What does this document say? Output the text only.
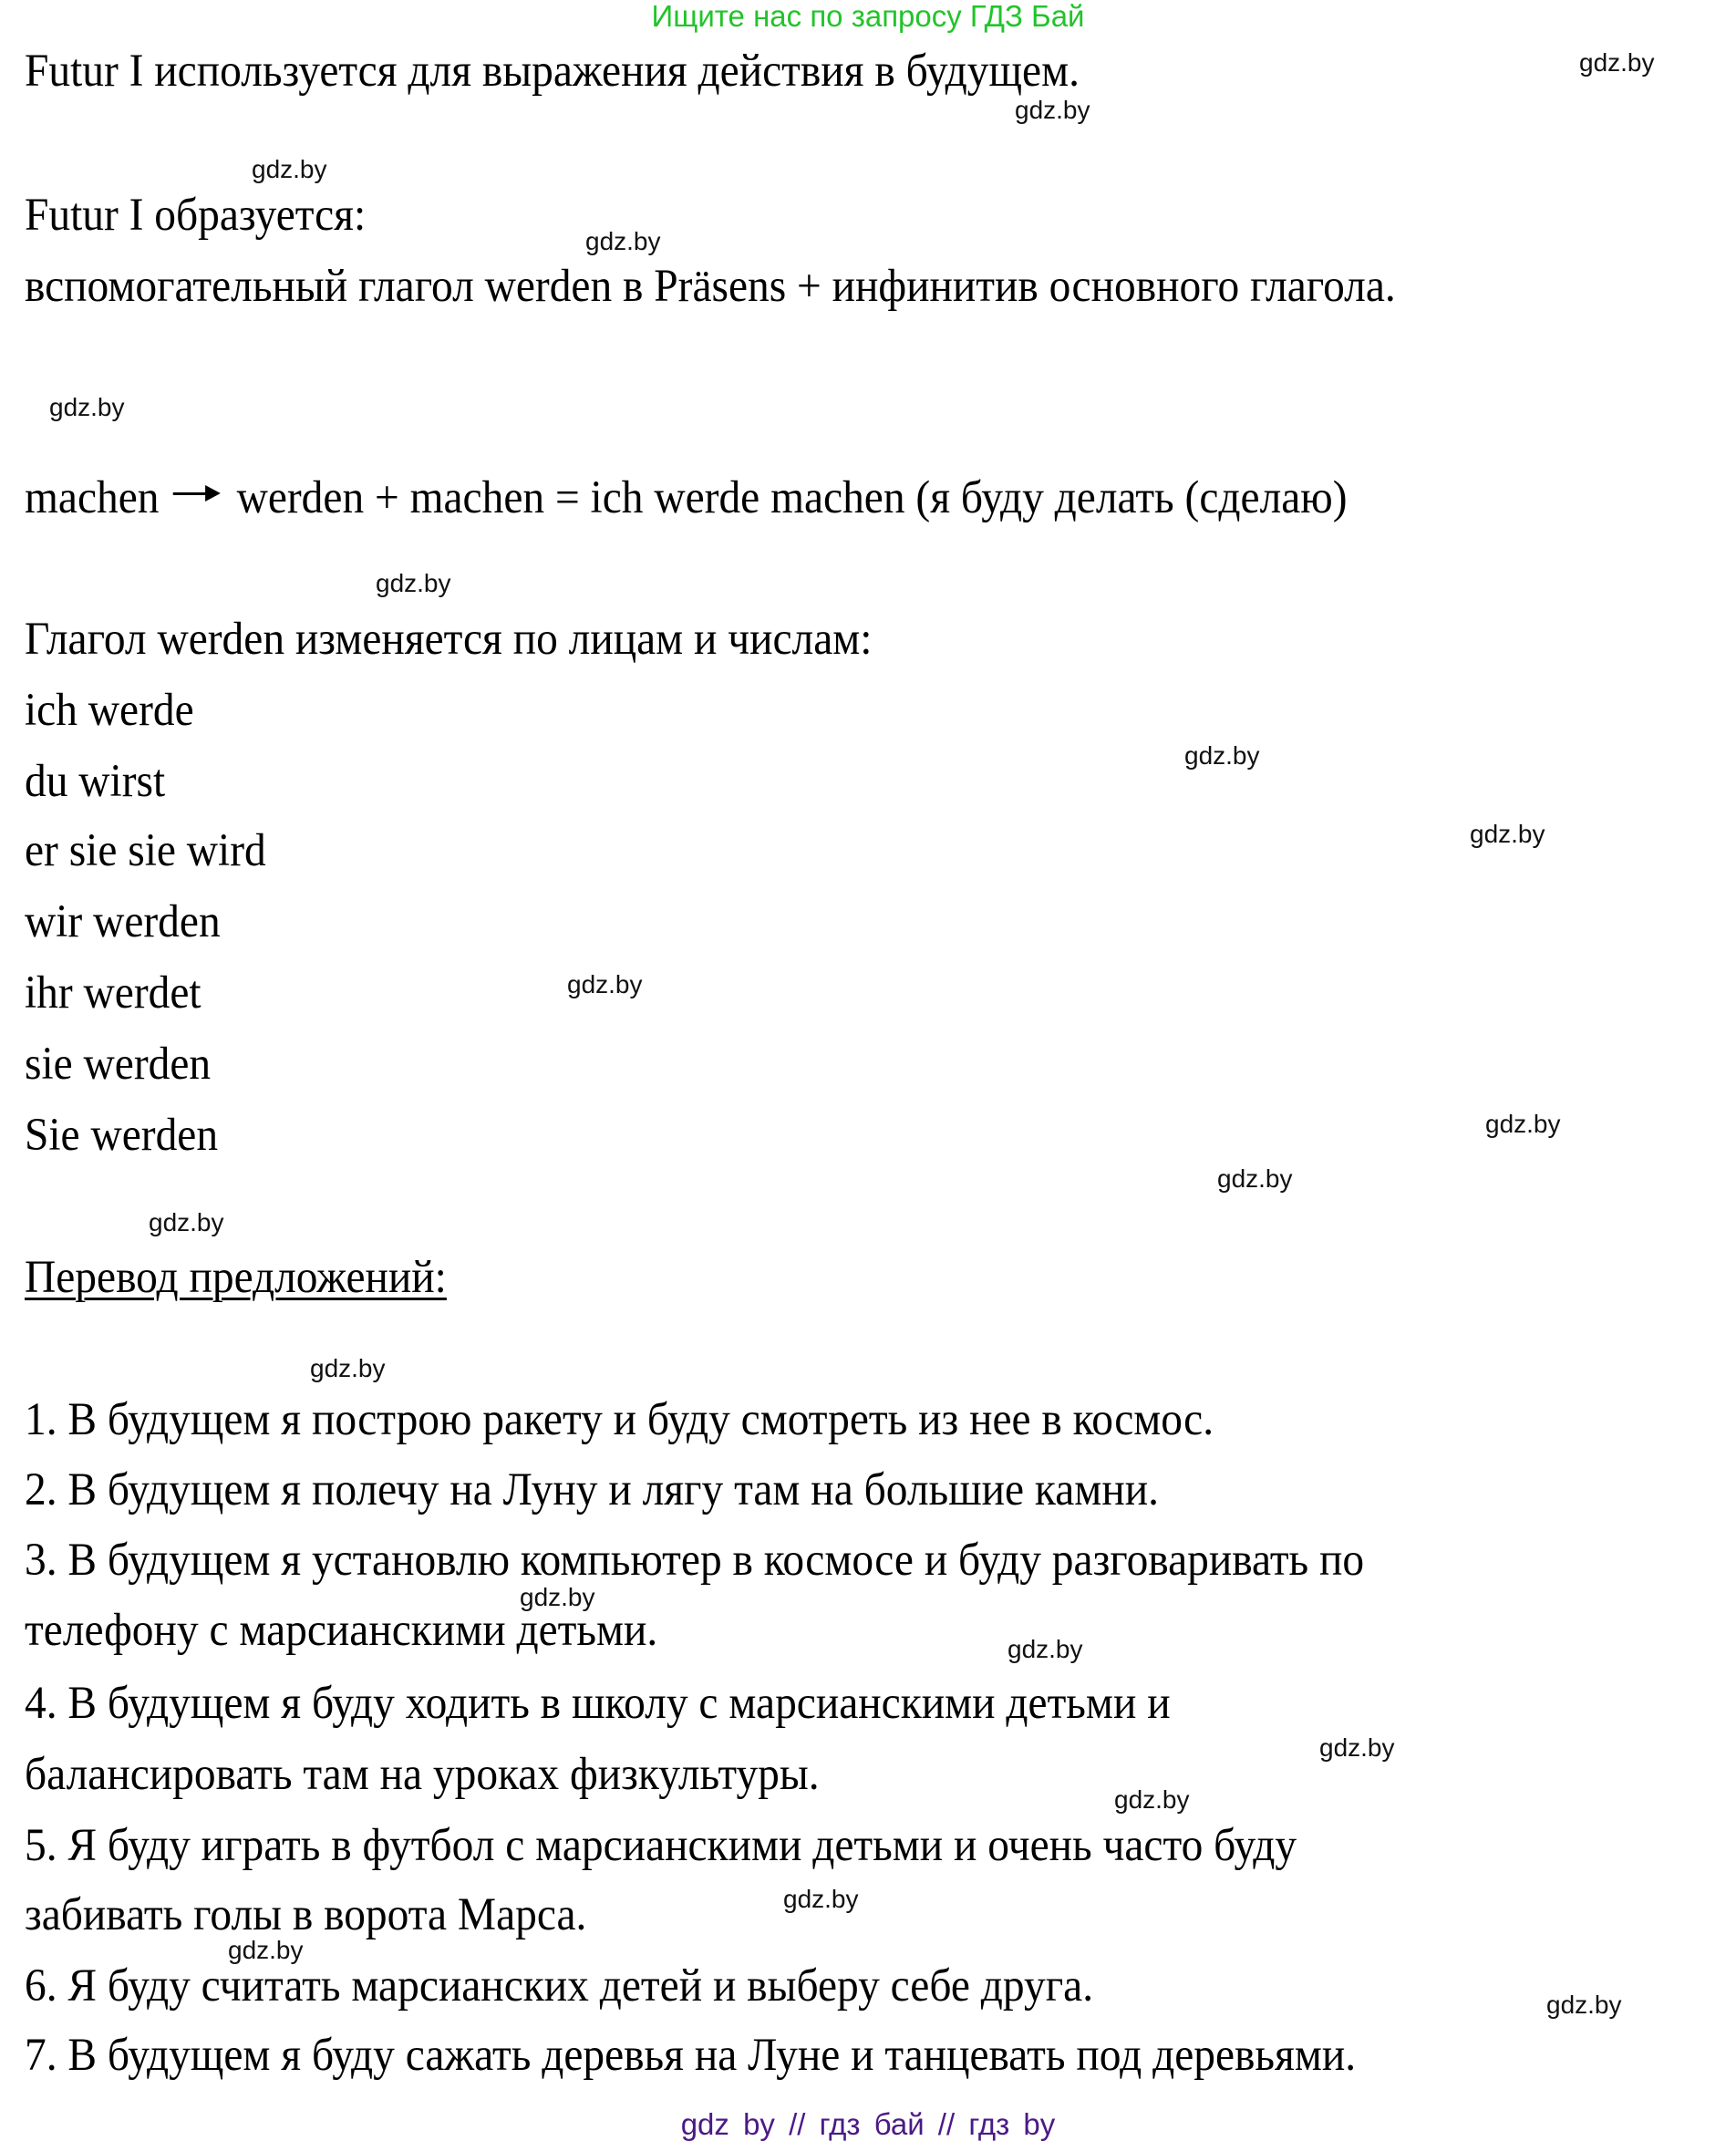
Ищите нас по запросу ГДЗ Бай
Futur I используется для выражения действия в будущем.
Futur I образуется:
вспомогательный глагол werden в Präsens + инфинитив основного глагола.
machen werden + machen = ich werde machen (я буду делать (сделаю)
Глагол werden изменяется по лицам и числам:
ich werde
du wirst
er sie sie wird
wir werden
ihr werdet
sie werden
Sie werden
Перевод предложений:
1. В будущем я построю ракету и буду смотреть из нее в космос.
2. В будущем я полечу на Луну и лягу там на большие камни.
3. В будущем я установлю компьютер в космосе и буду разговаривать по
телефону с марсианскими детьми.
4. В будущем я буду ходить в школу с марсианскими детьми и
балансировать там на уроках физкультуры.
5. Я буду играть в футбол с марсианскими детьми и очень часто буду
забивать голы в ворота Марса.
6. Я буду считать марсианских детей и выберу себе друга.
7. В будущем я буду сажать деревья на Луне и танцевать под деревьями.
gdz.by
gdz.by
gdz.by
gdz.by
gdz.by
gdz.by
gdz.by
gdz.by
gdz.by
gdz.by
gdz.by
gdz.by
gdz.by
gdz.by
gdz.by
gdz.by
gdz.by
gdz.by
gdz.by
gdz.by
gdz by // гдз бай // гдз by
